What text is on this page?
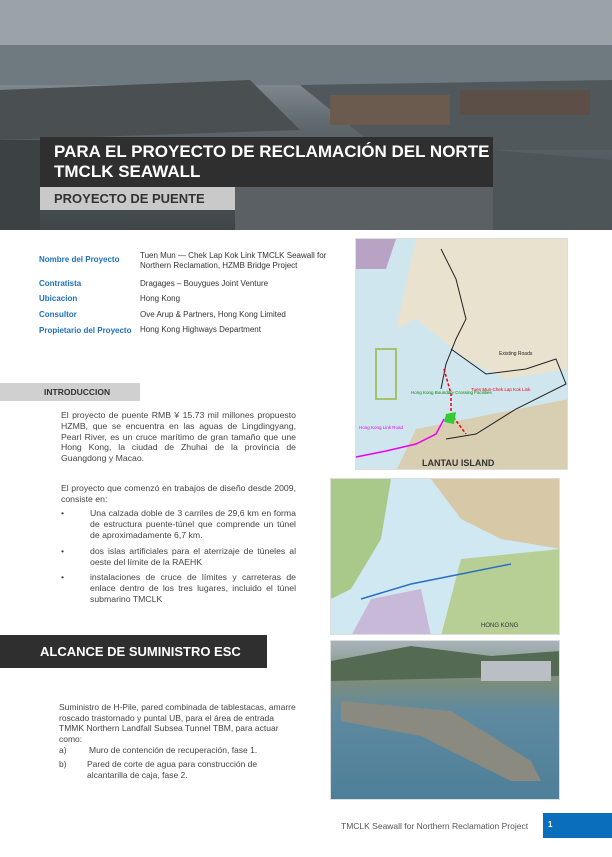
PARA EL PROYECTO DE RECLAMACIÓN DEL NORTE
TMCLK SEAWALL
PROYECTO DE PUENTE
Nombre del Proyecto	Tuen Mun — Chek Lap Kok Link TMCLK Seawall for Northern Reclamation, HZMB Bridge Project
Contratista	Dragages – Bouygues Joint Venture
Ubicacion	Hong Kong
Consultor	Ove Arup & Partners, Hong Kong Limited
Propietario del Proyecto	Hong Kong Highways Department
INTRODUCCION
El proyecto de puente RMB ¥ 15.73 mil millones propuesto HZMB, que se encuentra en las aguas de Lingdingyang, Pearl River, es un cruce marítimo de gran tamaño que une Hong Kong, la ciudad de Zhuhai de la provincia de Guangdong y Macao.
El proyecto que comenzó en trabajos de diseño desde 2009, consiste en:
•	Una calzada doble de 3 carriles de 29,6 km en forma de estructura puente-túnel que comprende un túnel de aproximadamente 6,7 km.
•	dos islas artificiales para el aterrizaje de túneles al oeste del límite de la RAEHK
•	instalaciones de cruce de límites y carreteras de enlace dentro de los tres lugares, incluido el túnel submarino TMCLK
ALCANCE DE SUMINISTRO ESC
Suministro de H-Pile, pared combinada de tablestacas, amarre roscado trastornado y puntal UB, para el área de entrada TMMK Northern Landfall Subsea Tunnel TBM, para actuar como:
a)	Muro de contención de recuperación, fase 1.
b) Pared de corte de agua para construcción de alcantarilla de caja, fase 2.
Existing Roads
Tuen Mun-Chek Lap Kok Link
Hong Kong Boundary Crossing Facilities
Hong Kong Link Road
LANTAU ISLAND
HONG KONG
TMCLK Seawall for Northern Reclamation Project	1
